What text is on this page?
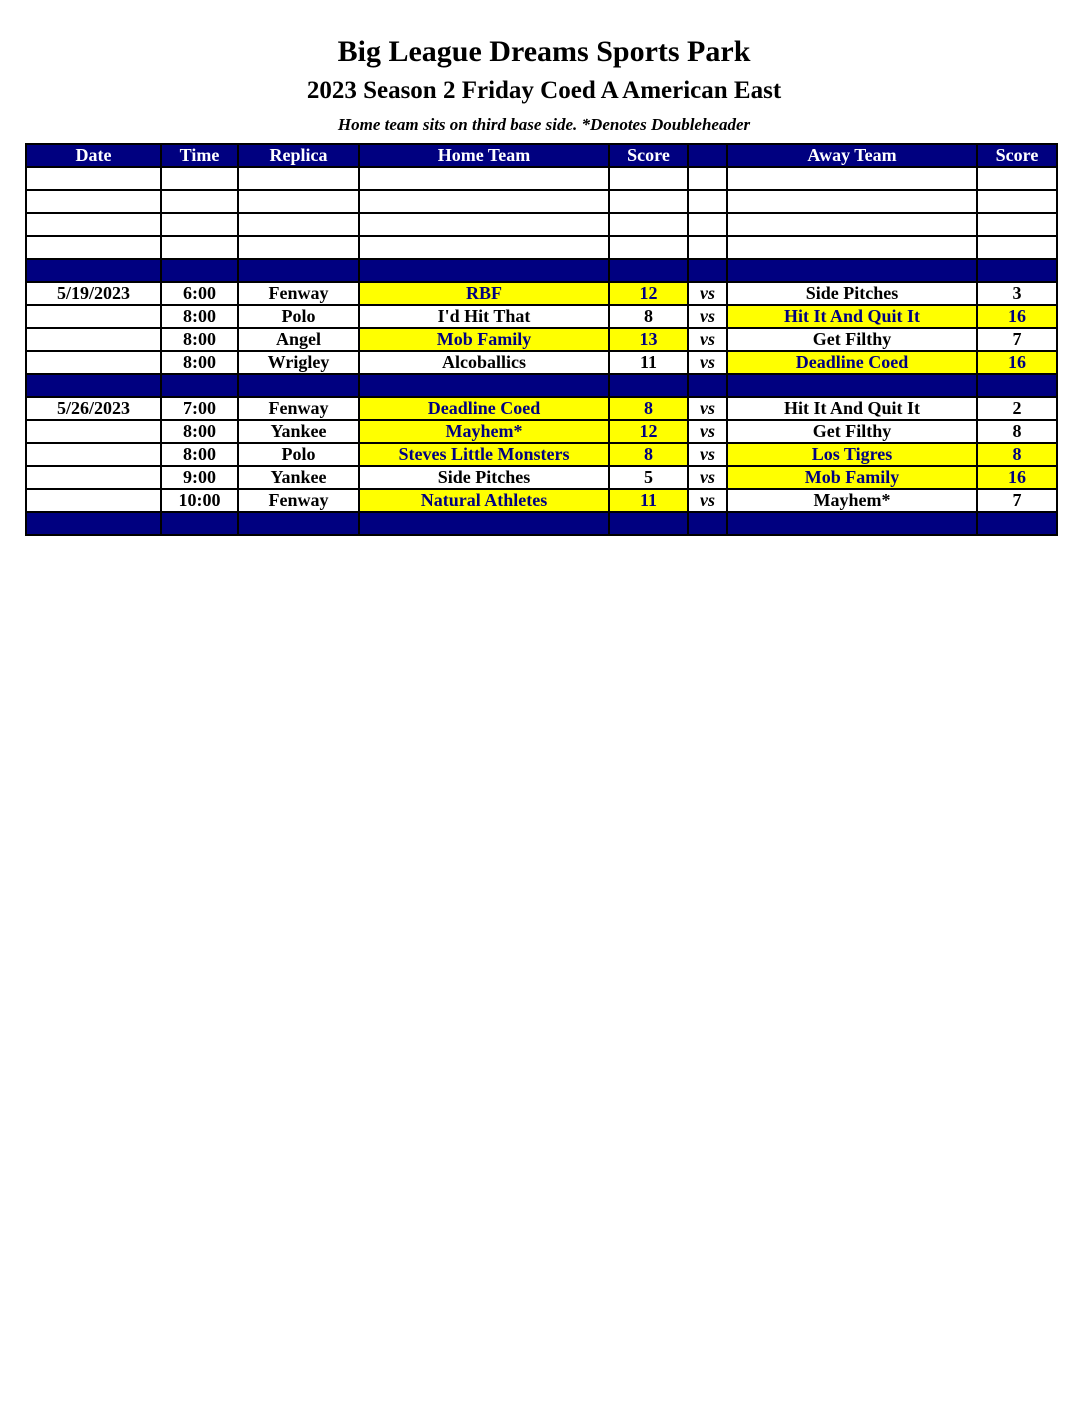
Big League Dreams Sports Park
2023 Season 2 Friday Coed A American East
Home team sits on third base side. *Denotes Doubleheader
Date	Time	Replica	Home Team	Score		Away Team	Score

5/19/2023	6:00	Fenway	RBF	12	vs	Side Pitches	3
	8:00	Polo	I'd Hit That	8	vs	Hit It And Quit It	16
	8:00	Angel	Mob Family	13	vs	Get Filthy	7
	8:00	Wrigley	Alcoballics	11	vs	Deadline Coed	16

5/26/2023	7:00	Fenway	Deadline Coed	8	vs	Hit It And Quit It	2
	8:00	Yankee	Mayhem*	12	vs	Get Filthy	8
	8:00	Polo	Steves Little Monsters	8	vs	Los Tigres	8
	9:00	Yankee	Side Pitches	5	vs	Mob Family	16
	10:00	Fenway	Natural Athletes	11	vs	Mayhem*	7
